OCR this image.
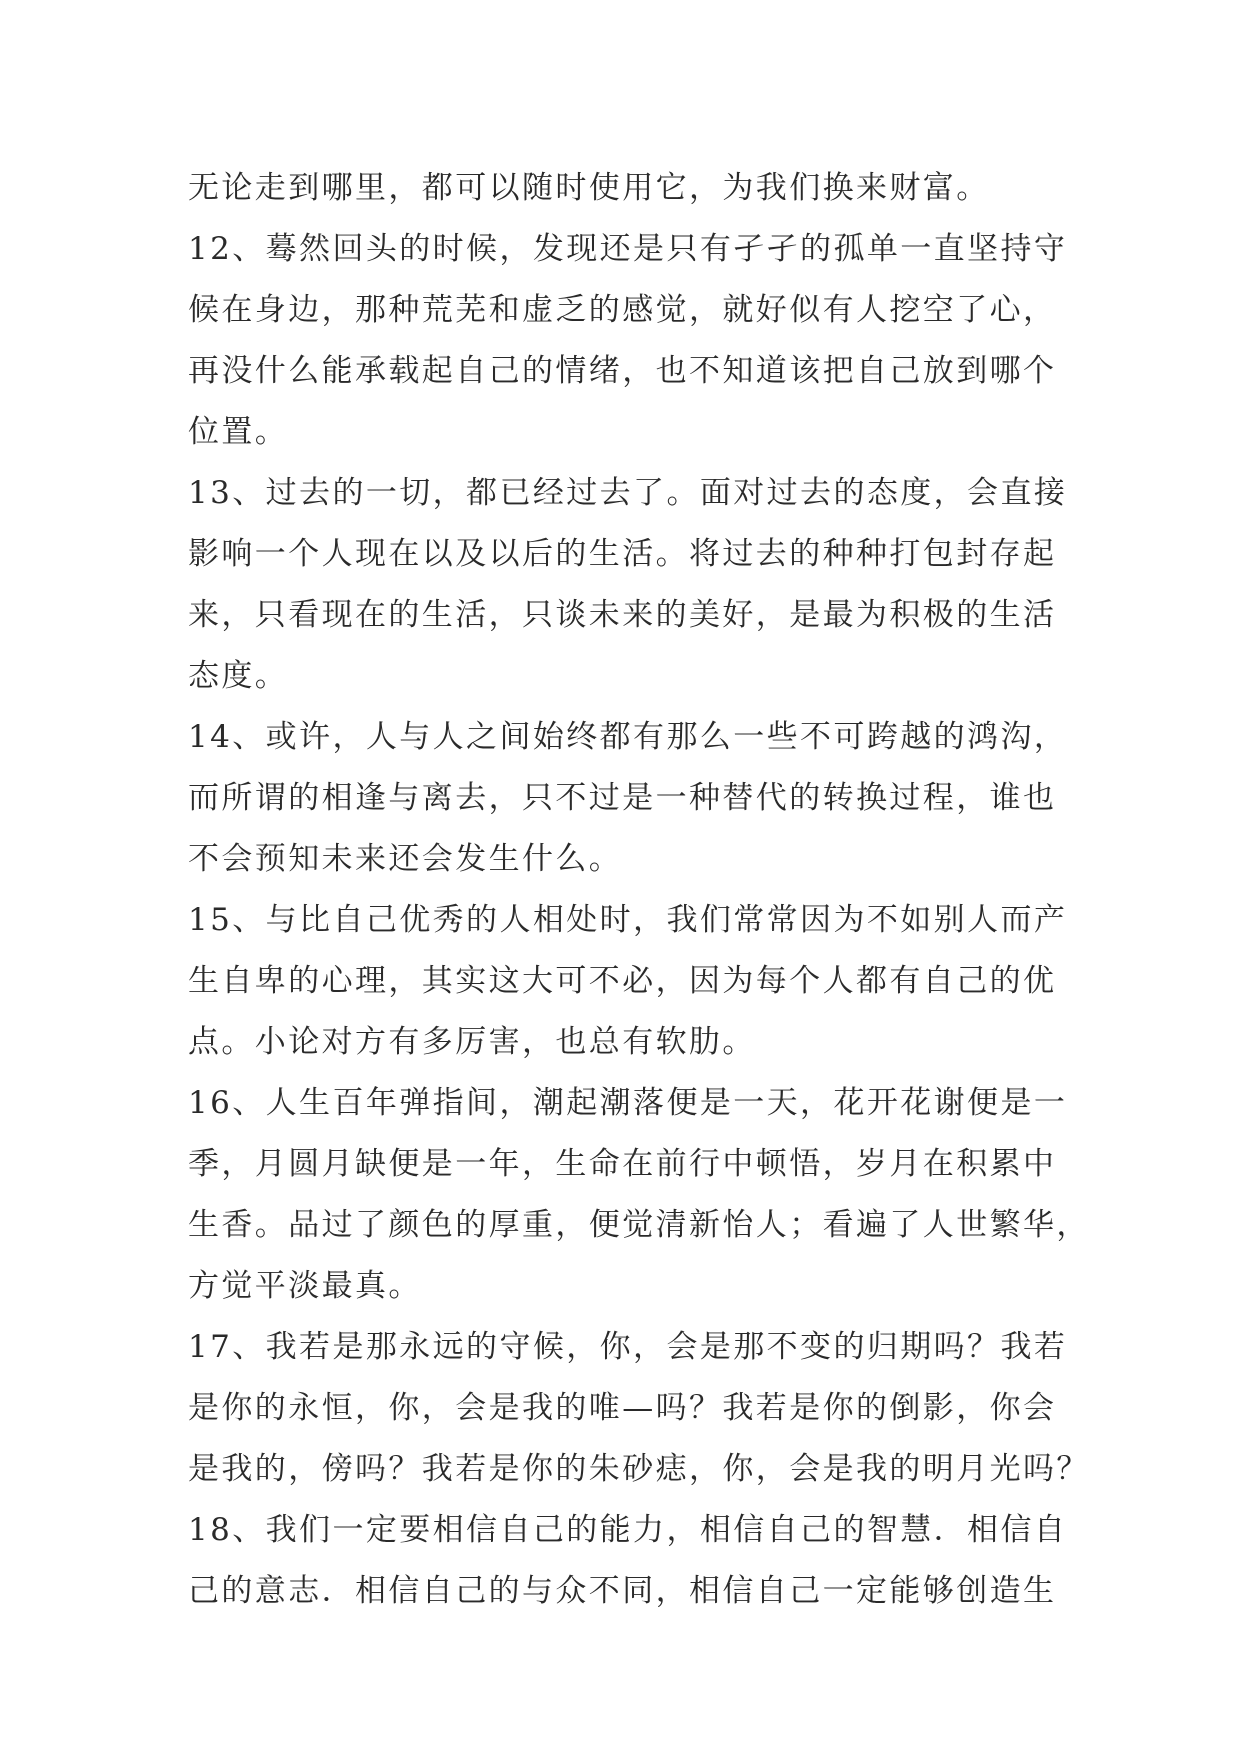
无论走到哪里，都可以随时使用它，为我们换来财富。
12、蓦然回头的时候，发现还是只有孑孑的孤单一直坚持守
候在身边，那种荒芜和虚乏的感觉，就好似有人挖空了心，
再没什么能承载起自己的情绪，也不知道该把自己放到哪个
位置。
13、过去的一切，都已经过去了。面对过去的态度，会直接
影响一个人现在以及以后的生活。将过去的种种打包封存起
来，只看现在的生活，只谈未来的美好，是最为积极的生活
态度。
14、或许，人与人之间始终都有那么一些不可跨越的鸿沟，
而所谓的相逢与离去，只不过是一种替代的转换过程，谁也
不会预知未来还会发生什么。
15、与比自己优秀的人相处时，我们常常因为不如别人而产
生自卑的心理，其实这大可不必，因为每个人都有自己的优
点。小论对方有多厉害，也总有软肋。
16、人生百年弹指间，潮起潮落便是一天，花开花谢便是一
季，月圆月缺便是一年，生命在前行中顿悟，岁月在积累中
生香。品过了颜色的厚重，便觉清新怡人；看遍了人世繁华，
方觉平淡最真。
17、我若是那永远的守候，你，会是那不变的归期吗？我若
是你的永恒，你，会是我的唯—吗？我若是你的倒影，你会
是我的，傍吗？我若是你的朱砂痣，你，会是我的明月光吗？
18、我们一定要相信自己的能力，相信自己的智慧．相信自
己的意志．相信自己的与众不同，相信自己一定能够创造生
